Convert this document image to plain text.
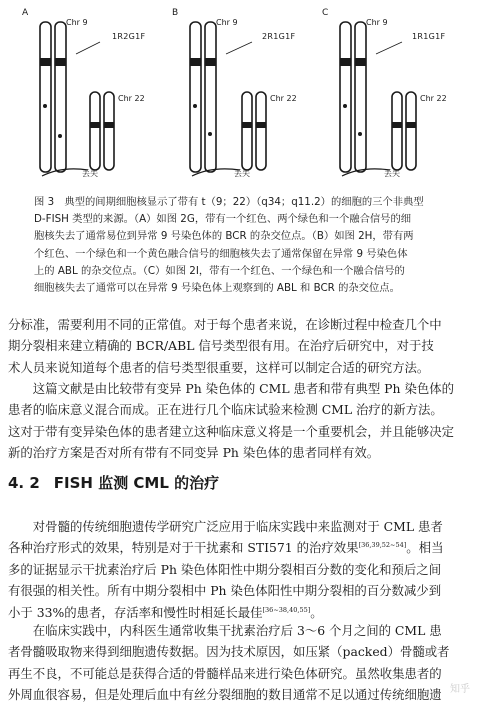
A
Chr 9
1R2G1F
Chr 22
丢失
B
Chr 9
2R1G1F
Chr 22
丢失
C
Chr 9
1R1G1F
Chr 22
丢失

图 3　典型的间期细胞核显示了带有 t（9；22）（q34；q11.2）的细胞的三个非典型

D-FISH 类型的来源。（A）如图 2G，带有一个红色、两个绿色和一个融合信号的细

胞核失去了通常易位到异常 9 号染色体的 BCR 的杂交位点。（B）如图 2H，带有两

个红色、一个绿色和一个黄色融合信号的细胞核失去了通常保留在异常 9 号染色体

上的 ABL 的杂交位点。（C）如图 2I，带有一个红色、一个绿色和一个融合信号的

细胞核失去了通常可以在异常 9 号染色体上观察到的 ABL 和 BCR 的杂交位点。

分标准，需要利用不同的正常值。对于每个患者来说，在诊断过程中检查几个中

期分裂相来建立精确的 BCR/ABL 信号类型很有用。在治疗后研究中，对于技

术人员来说知道每个患者的信号类型很重要，这样可以制定合适的研究方法。

这篇文献是由比较带有变异 Ph 染色体的 CML 患者和带有典型 Ph 染色体的

患者的临床意义混合而成。正在进行几个临床试验来检测 CML 治疗的新方法。

这对于带有变异染色体的患者建立这种临床意义将是一个重要机会，并且能够决定

新的治疗方案是否对所有带有不同变异 Ph 染色体的患者同样有效。

4. 2 FISH 监测 CML 的治疗

对骨髓的传统细胞遗传学研究广泛应用于临床实践中来监测对于 CML 患者

各种治疗形式的效果，特别是对于干扰素和 STI571 的治疗效果[36,39,52~54]。相当

多的证据显示干扰素治疗后 Ph 染色体阳性中期分裂相百分数的变化和预后之间

有很强的相关性。所有中期分裂相中 Ph 染色体阳性中期分裂相的百分数减少到

小于 33%的患者，存活率和慢性时相延长最佳[36~38,40,55]。

在临床实践中，内科医生通常收集干扰素治疗后 3～6 个月之间的 CML 患

者骨髓吸取物来得到细胞遗传数据。因为技术原因，如压紧（packed）骨髓或者

再生不良，不可能总是获得合适的骨髓样品来进行染色体研究。虽然收集患者的

外周血很容易，但是处理后血中有丝分裂细胞的数目通常不足以通过传统细胞遗 知乎
